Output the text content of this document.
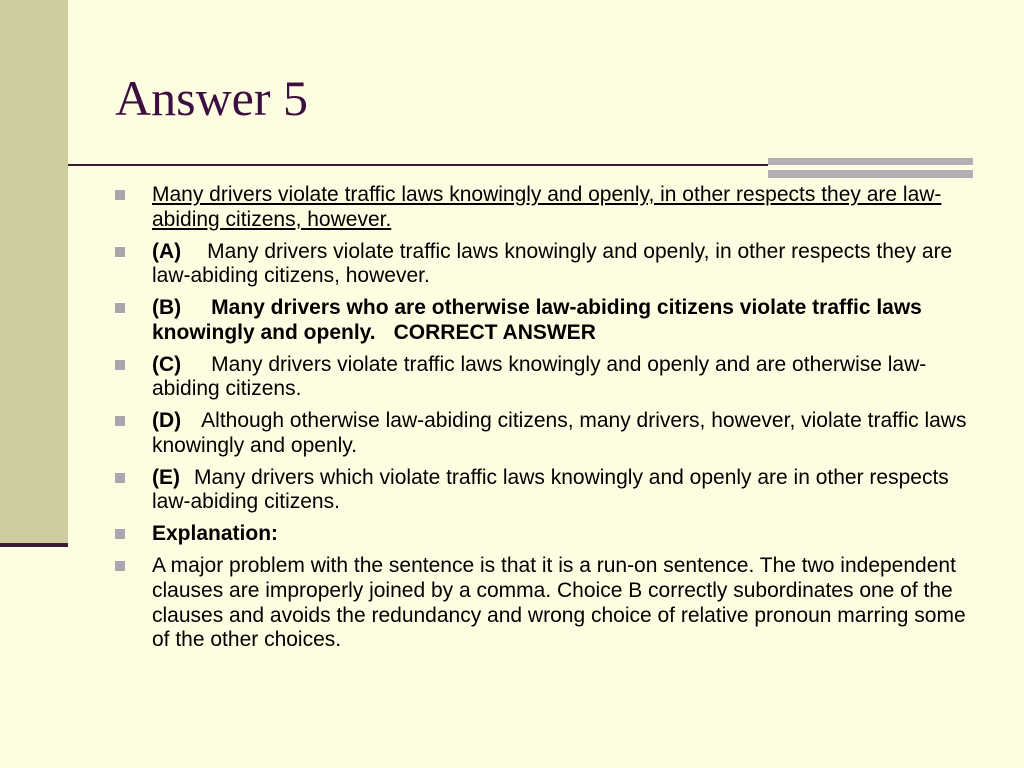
Answer 5
Many drivers violate traffic laws knowingly and openly, in other respects they are law-abiding citizens, however.
(A) Many drivers violate traffic laws knowingly and openly, in other respects they are law-abiding citizens, however.
(B) Many drivers who are otherwise law-abiding citizens violate traffic laws knowingly and openly. CORRECT ANSWER
(C) Many drivers violate traffic laws knowingly and openly and are otherwise law-abiding citizens.
(D) Although otherwise law-abiding citizens, many drivers, however, violate traffic laws knowingly and openly.
(E) Many drivers which violate traffic laws knowingly and openly are in other respects law-abiding citizens.
Explanation:
A major problem with the sentence is that it is a run-on sentence. The two independent clauses are improperly joined by a comma. Choice B correctly subordinates one of the clauses and avoids the redundancy and wrong choice of relative pronoun marring some of the other choices.
